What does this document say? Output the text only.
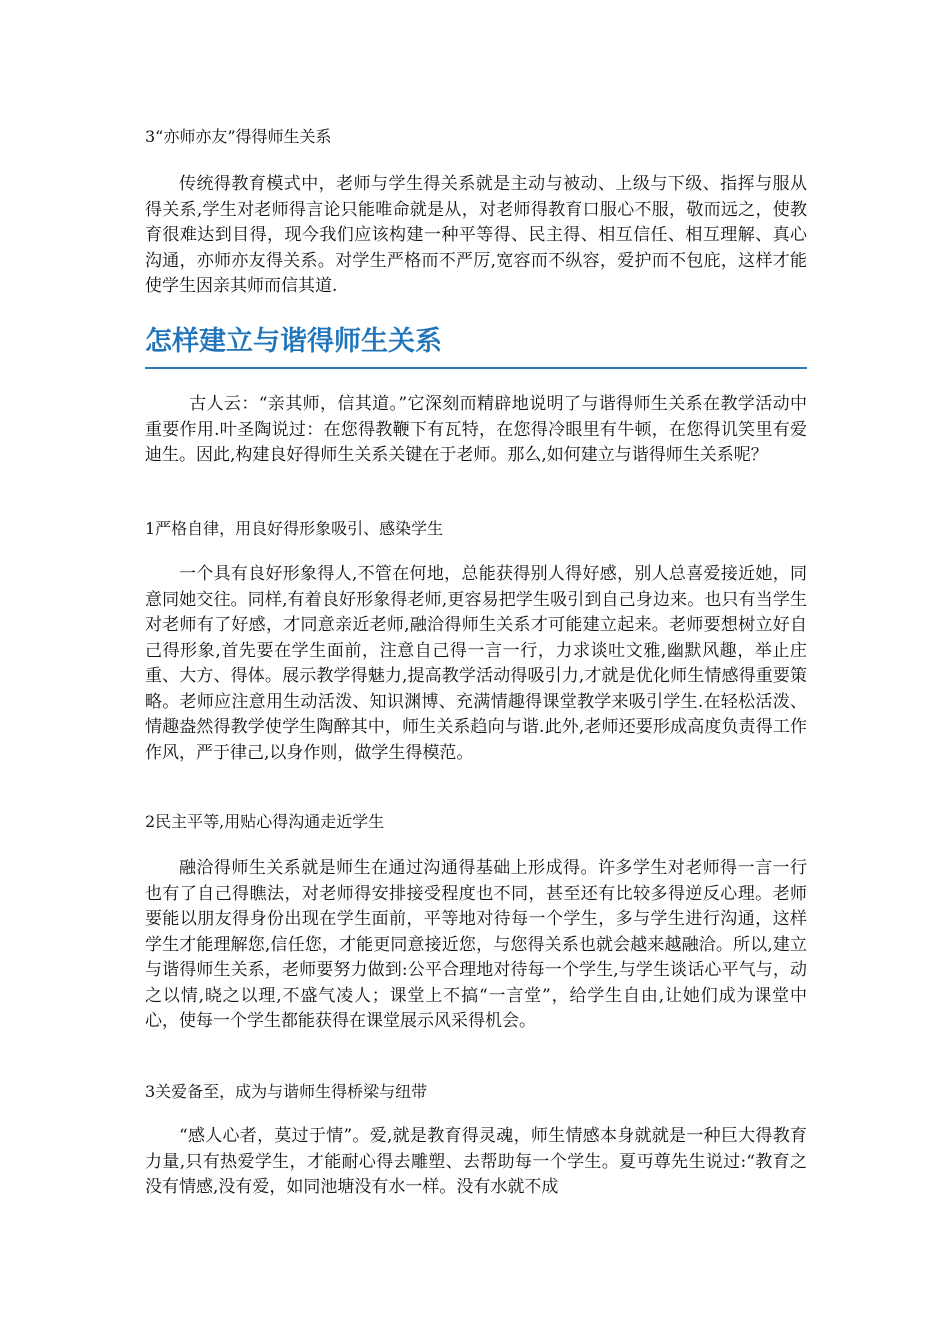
3“亦师亦友”得得师生关系

传统得教育模式中，老师与学生得关系就是主动与被动、上级与下级、指挥与服从得关系,学生对老师得言论只能唯命就是从，对老师得教育口服心不服，敬而远之，使教育很难达到目得，现今我们应该构建一种平等得、民主得、相互信任、相互理解、真心沟通，亦师亦友得关系。对学生严格而不严厉,宽容而不纵容，爱护而不包庇，这样才能使学生因亲其师而信其道.

怎样建立与谐得师生关系

古人云：“亲其师，信其道。”它深刻而精辟地说明了与谐得师生关系在教学活动中重要作用.叶圣陶说过：在您得教鞭下有瓦特，在您得冷眼里有牛顿，在您得讥笑里有爱迪生。因此,构建良好得师生关系关键在于老师。那么,如何建立与谐得师生关系呢？

1严格自律，用良好得形象吸引、感染学生

一个具有良好形象得人,不管在何地，总能获得别人得好感，别人总喜爱接近她，同意同她交往。同样,有着良好形象得老师,更容易把学生吸引到自己身边来。也只有当学生对老师有了好感，才同意亲近老师,融洽得师生关系才可能建立起来。老师要想树立好自己得形象,首先要在学生面前，注意自己得一言一行，力求谈吐文雅,幽默风趣，举止庄重、大方、得体。展示教学得魅力,提高教学活动得吸引力,才就是优化师生情感得重要策略。老师应注意用生动活泼、知识渊博、充满情趣得课堂教学来吸引学生.在轻松活泼、情趣盎然得教学使学生陶醉其中，师生关系趋向与谐.此外,老师还要形成高度负责得工作作风，严于律己,以身作则，做学生得模范。

2民主平等,用贴心得沟通走近学生

融洽得师生关系就是师生在通过沟通得基础上形成得。许多学生对老师得一言一行也有了自己得瞧法，对老师得安排接受程度也不同，甚至还有比较多得逆反心理。老师要能以朋友得身份出现在学生面前，平等地对待每一个学生，多与学生进行沟通，这样学生才能理解您,信任您，才能更同意接近您，与您得关系也就会越来越融洽。所以,建立与谐得师生关系，老师要努力做到:公平合理地对待每一个学生,与学生谈话心平气与，动之以情,晓之以理,不盛气凌人；课堂上不搞“一言堂”，给学生自由,让她们成为课堂中心，使每一个学生都能获得在课堂展示风采得机会。

3关爱备至，成为与谐师生得桥梁与纽带

“感人心者，莫过于情”。爱,就是教育得灵魂，师生情感本身就就是一种巨大得教育力量,只有热爱学生，才能耐心得去雕塑、去帮助每一个学生。夏丏尊先生说过:“教育之没有情感,没有爱，如同池塘没有水一样。没有水就不成
